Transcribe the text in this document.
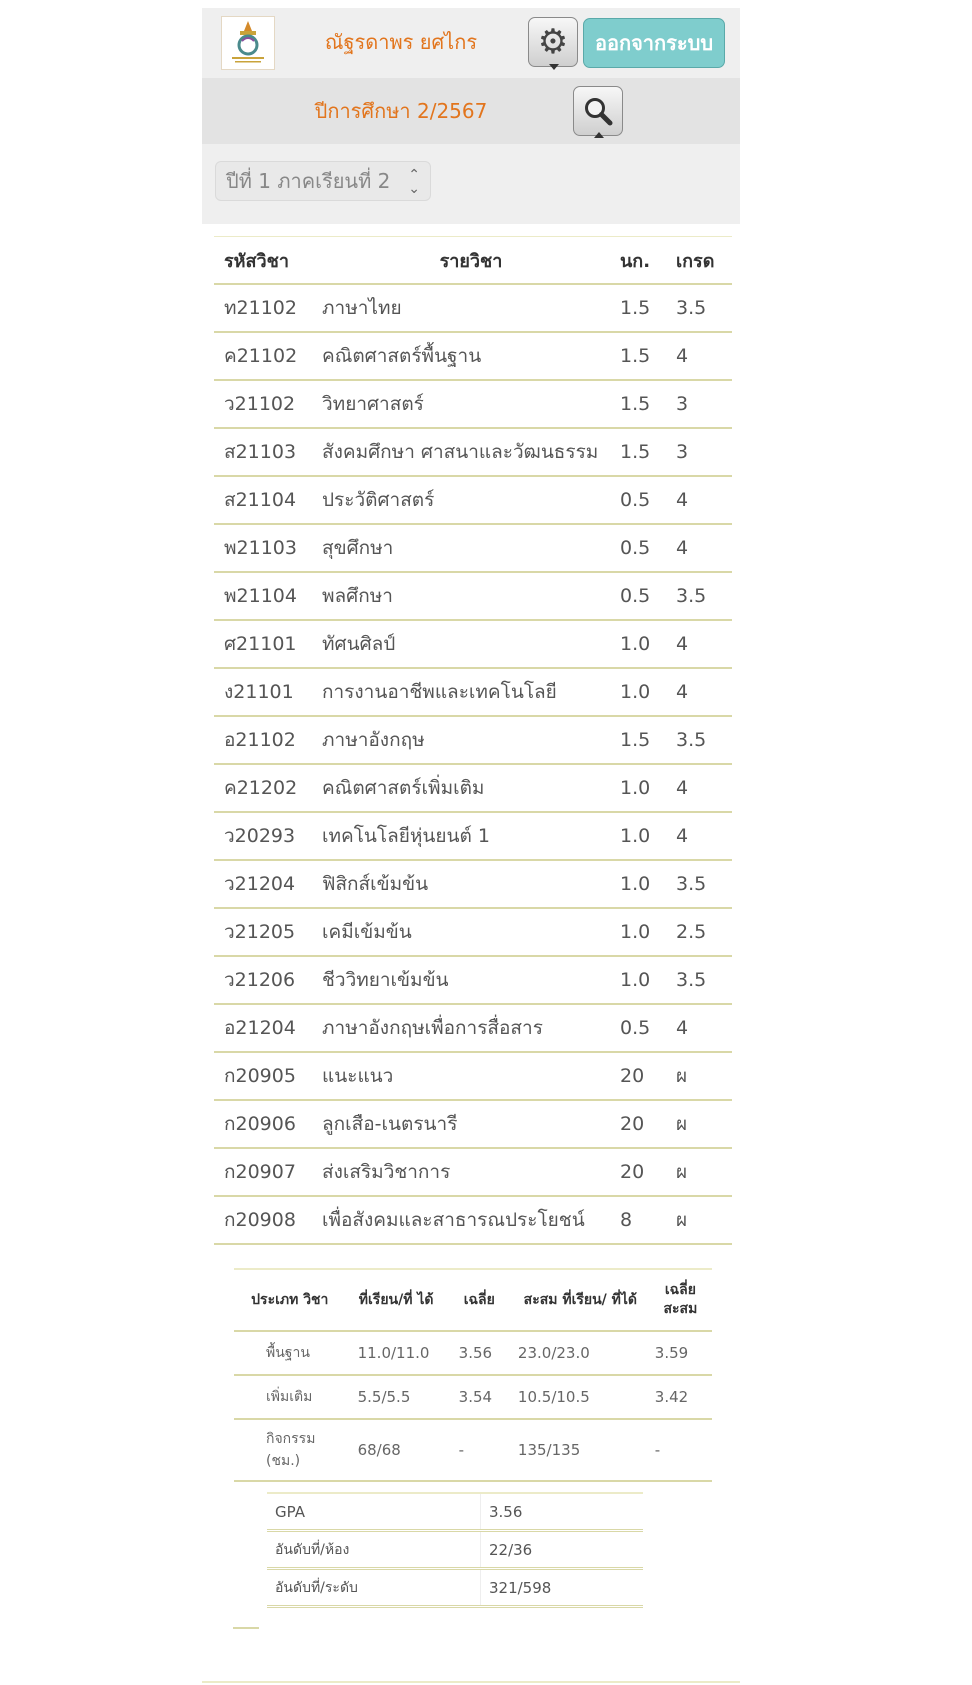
ณัฐรดาพร ยศไกร	⚙	ออกจากระบบ
ปีการศึกษา 2/2567
ปีที่ 1 ภาคเรียนที่ 2 ⌃
⌄
รหัสวิชา	รายวิชา	นก.	เกรด
ท21102	ภาษาไทย	1.5	3.5
ค21102	คณิตศาสตร์พื้นฐาน	1.5	4
ว21102	วิทยาศาสตร์	1.5	3
ส21103	สังคมศึกษา ศาสนาและวัฒนธรรม	1.5	3
ส21104	ประวัติศาสตร์	0.5	4
พ21103	สุขศึกษา	0.5	4
พ21104	พลศึกษา	0.5	3.5
ศ21101	ทัศนศิลป์	1.0	4
ง21101	การงานอาชีพและเทคโนโลยี	1.0	4
อ21102	ภาษาอังกฤษ	1.5	3.5
ค21202	คณิตศาสตร์เพิ่มเติม	1.0	4
ว20293	เทคโนโลยีหุ่นยนต์ 1	1.0	4
ว21204	ฟิสิกส์เข้มข้น	1.0	3.5
ว21205	เคมีเข้มข้น	1.0	2.5
ว21206	ชีววิทยาเข้มข้น	1.0	3.5
อ21204	ภาษาอังกฤษเพื่อการสื่อสาร	0.5	4
ก20905	แนะแนว	20	ผ
ก20906	ลูกเสือ-เนตรนารี	20	ผ
ก20907	ส่งเสริมวิชาการ	20	ผ
ก20908	เพื่อสังคมและสาธารณประโยชน์	8	ผ
ประเภท วิชา	ที่เรียน/ที่ ได้	เฉลี่ย	สะสม ที่เรียน/ ที่ได้	เฉลี่ย สะสม
พื้นฐาน	11.0/11.0	3.56	23.0/23.0	3.59
เพิ่มเติม	5.5/5.5	3.54	10.5/10.5	3.42
กิจกรรม (ชม.)	68/68	-	135/135	-
GPA	3.56
อันดับที่/ห้อง	22/36
อันดับที่/ระดับ	321/598
